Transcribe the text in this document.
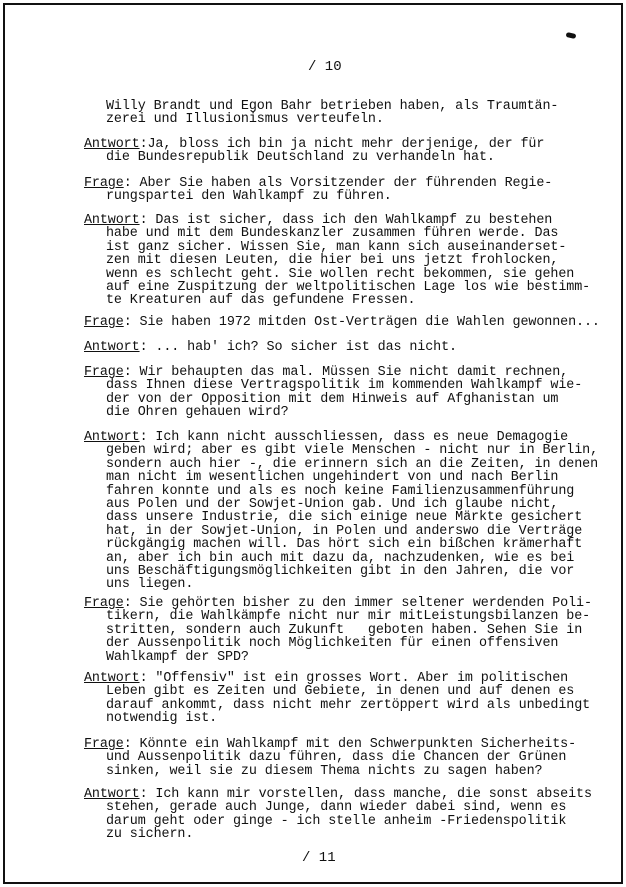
/ 10
Willy Brandt und Egon Bahr betrieben haben, als Traumtän-
zerei und Illusionismus verteufeln.
Antwort:Ja, bloss ich bin ja nicht mehr derjenige, der für
die Bundesrepublik Deutschland zu verhandeln hat.
Frage: Aber Sie haben als Vorsitzender der führenden Regie-
rungspartei den Wahlkampf zu führen.
Antwort: Das ist sicher, dass ich den Wahlkampf zu bestehen
habe und mit dem Bundeskanzler zusammen führen werde. Das
ist ganz sicher. Wissen Sie, man kann sich auseinanderset-
zen mit diesen Leuten, die hier bei uns jetzt frohlocken,
wenn es schlecht geht. Sie wollen recht bekommen, sie gehen
auf eine Zuspitzung der weltpolitischen Lage los wie bestimm-
te Kreaturen auf das gefundene Fressen.
Frage: Sie haben 1972 mitden Ost-Verträgen die Wahlen gewonnen...
Antwort: ... hab' ich? So sicher ist das nicht.
Frage: Wir behaupten das mal. Müssen Sie nicht damit rechnen,
dass Ihnen diese Vertragspolitik im kommenden Wahlkampf wie-
der von der Opposition mit dem Hinweis auf Afghanistan um
die Ohren gehauen wird?
Antwort: Ich kann nicht ausschliessen, dass es neue Demagogie
geben wird; aber es gibt viele Menschen - nicht nur in Berlin,
sondern auch hier -, die erinnern sich an die Zeiten, in denen
man nicht im wesentlichen ungehindert von und nach Berlin
fahren konnte und als es noch keine Familienzusammenführung
aus Polen und der Sowjet-Union gab. Und ich glaube nicht,
dass unsere Industrie, die sich einige neue Märkte gesichert
hat, in der Sowjet-Union, in Polen und anderswo die Verträge
rückgängig machen will. Das hört sich ein bißchen krämerhaft
an, aber ich bin auch mit dazu da, nachzudenken, wie es bei
uns Beschäftigungsmöglichkeiten gibt in den Jahren, die vor
uns liegen.
Frage: Sie gehörten bisher zu den immer seltener werdenden Poli-
tikern, die Wahlkämpfe nicht nur mir mitLeistungsbilanzen be-
stritten, sondern auch Zukunft   geboten haben. Sehen Sie in
der Aussenpolitik noch Möglichkeiten für einen offensiven
Wahlkampf der SPD?
Antwort: "Offensiv" ist ein grosses Wort. Aber im politischen
Leben gibt es Zeiten und Gebiete, in denen und auf denen es
darauf ankommt, dass nicht mehr zertöppert wird als unbedingt
notwendig ist.
Frage: Könnte ein Wahlkampf mit den Schwerpunkten Sicherheits-
und Aussenpolitik dazu führen, dass die Chancen der Grünen
sinken, weil sie zu diesem Thema nichts zu sagen haben?
Antwort: Ich kann mir vorstellen, dass manche, die sonst abseits
stehen, gerade auch Junge, dann wieder dabei sind, wenn es
darum geht oder ginge - ich stelle anheim -Friedenspolitik
zu sichern.
/ 11
